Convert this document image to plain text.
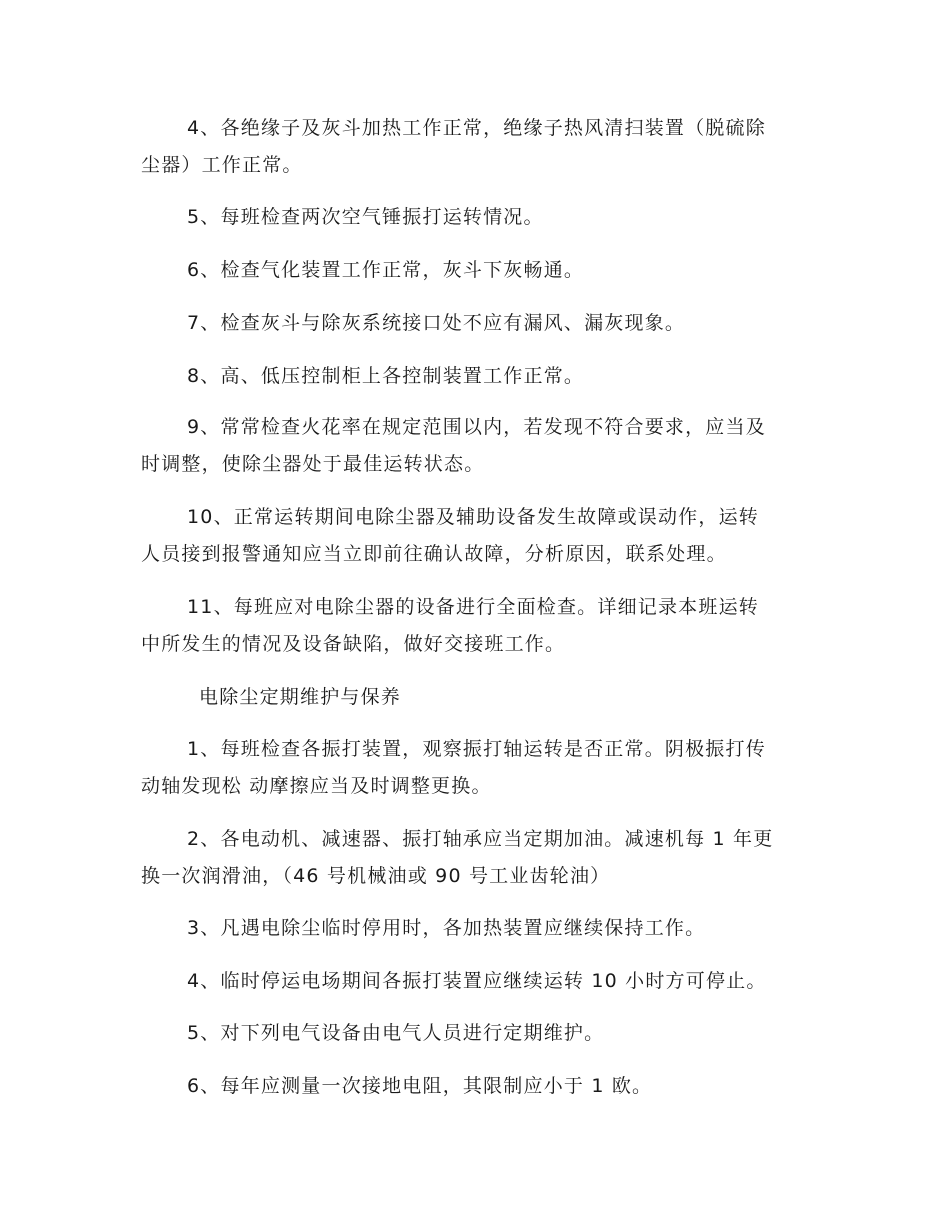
4、各绝缘子及灰斗加热工作正常，绝缘子热风清扫装置（脱硫除
尘器）工作正常。

5、每班检查两次空气锤振打运转情况。

6、检查气化装置工作正常，灰斗下灰畅通。

7、检查灰斗与除灰系统接口处不应有漏风、漏灰现象。

8、高、低压控制柜上各控制装置工作正常。

9、常常检查火花率在规定范围以内，若发现不符合要求，应当及
时调整，使除尘器处于最佳运转状态。

10、正常运转期间电除尘器及辅助设备发生故障或误动作，运转
人员接到报警通知应当立即前往确认故障，分析原因，联系处理。

11、每班应对电除尘器的设备进行全面检查。详细记录本班运转
中所发生的情况及设备缺陷，做好交接班工作。

电除尘定期维护与保养

1、每班检查各振打装置，观察振打轴运转是否正常。阴极振打传
动轴发现松 动摩擦应当及时调整更换。

2、各电动机、减速器、振打轴承应当定期加油。减速机每 1 年更
换一次润滑油，（46 号机械油或 90 号工业齿轮油）

3、凡遇电除尘临时停用时，各加热装置应继续保持工作。

4、临时停运电场期间各振打装置应继续运转 10 小时方可停止。

5、对下列电气设备由电气人员进行定期维护。

6、每年应测量一次接地电阻，其限制应小于 1 欧。
